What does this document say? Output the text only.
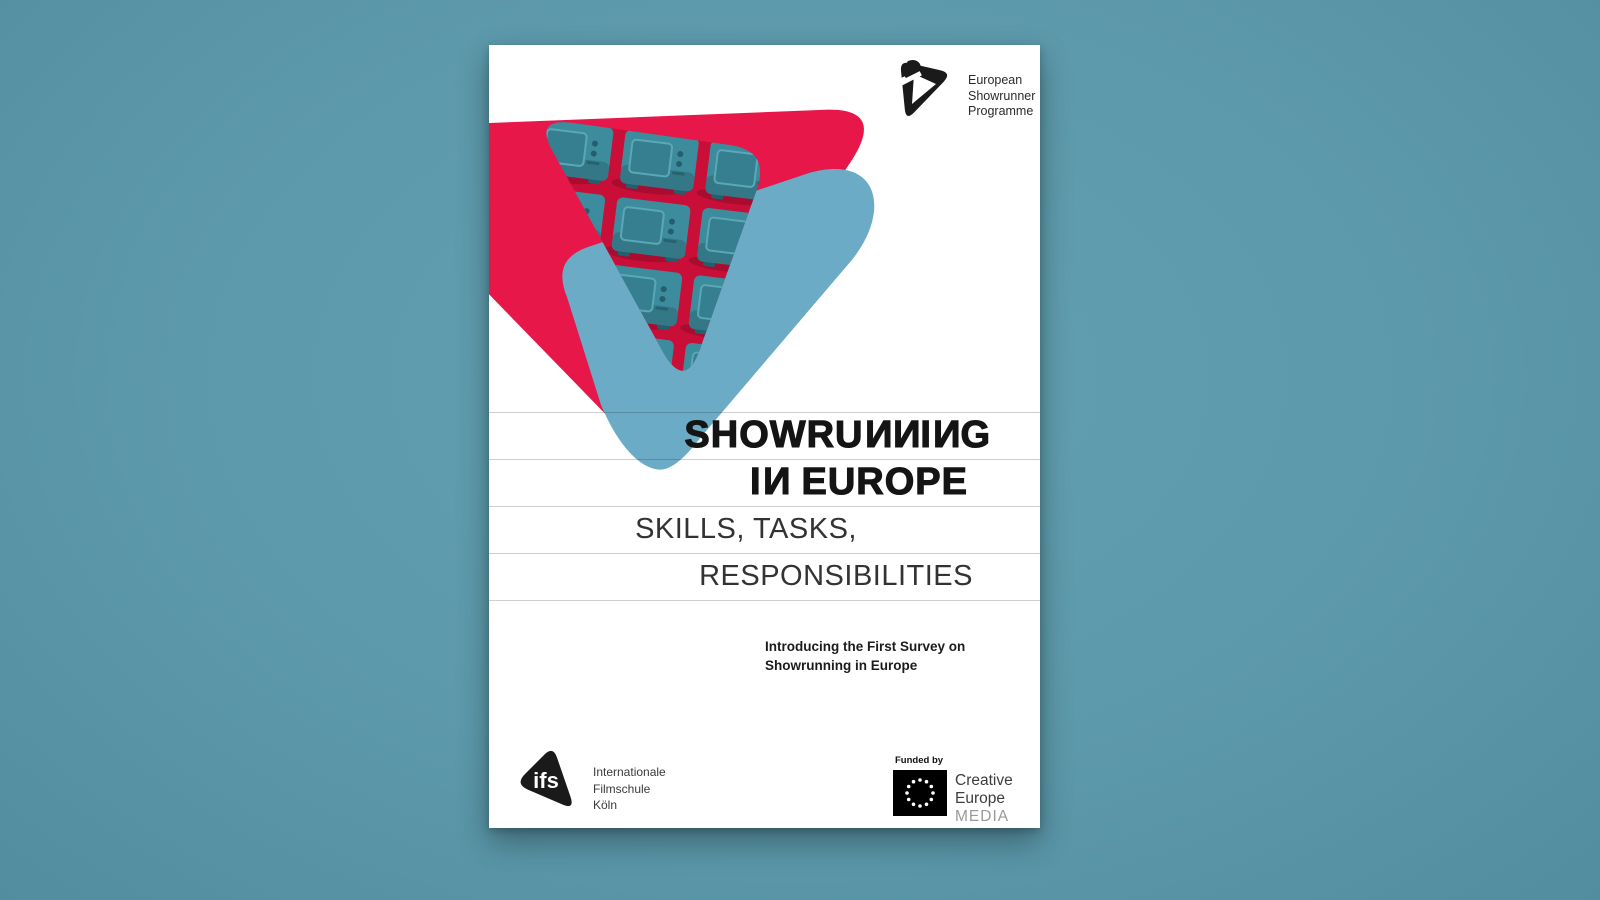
SHOWRU N N I N G
I N EUROPE
SKILLS, TASKS,
RESPONSIBILITIES
European
Showrunner
Programme
Introducing the First Survey on
Showrunning in Europe
ifs	Internationale
Filmschule
Köln
Funded by
Creative
Europe
MEDIA
